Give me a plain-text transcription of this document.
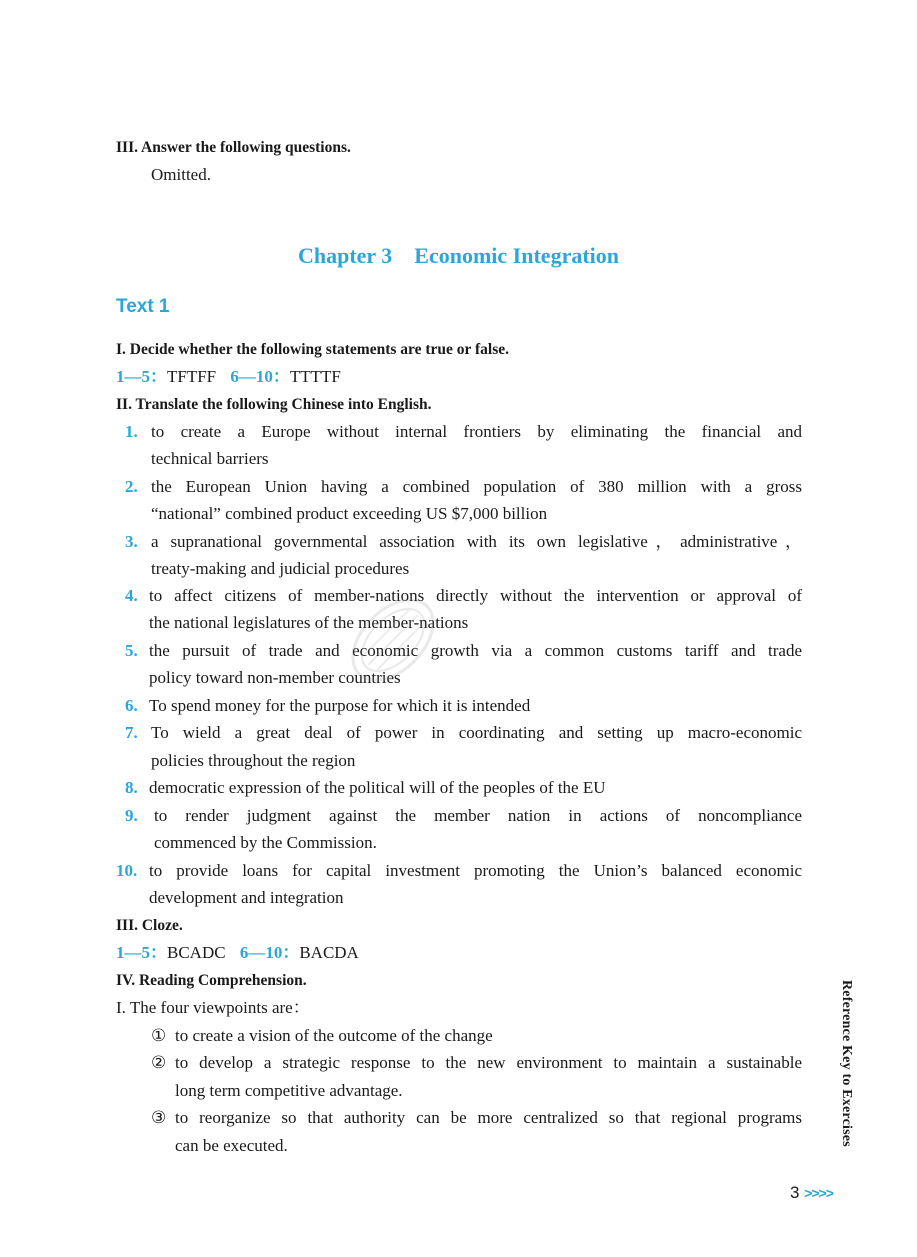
III. Answer the following questions.
Omitted.
Chapter 3 Economic Integration
Text 1
I. Decide whether the following statements are true or false.
1—5：TFTFF 6—10：TTTTF
II. Translate the following Chinese into English.
1. to create a Europe without internal frontiers by eliminating the financial and
technical barriers
2. the European Union having a combined population of 380 million with a gross
“national” combined product exceeding US $7,000 billion
3. a supranational governmental association with its own legislative，administrative，
treaty-making and judicial procedures
4. to affect citizens of member-nations directly without the intervention or approval of
the national legislatures of the member-nations
5. the pursuit of trade and economic growth via a common customs tariff and trade
policy toward non-member countries
6. To spend money for the purpose for which it is intended
7. To wield a great deal of power in coordinating and setting up macro-economic
policies throughout the region
8. democratic expression of the political will of the peoples of the EU
9. to render judgment against the member nation in actions of noncompliance
commenced by the Commission.
10. to provide loans for capital investment promoting the Union’s balanced economic
development and integration
III. Cloze.
1—5：BCADC 6—10：BACDA
IV. Reading Comprehension.
I. The four viewpoints are：
① to create a vision of the outcome of the change
② to develop a strategic response to the new environment to maintain a sustainable
long term competitive advantage.
③ to reorganize so that authority can be more centralized so that regional programs
can be executed.	Reference Key to Exercises
3 >>>>
